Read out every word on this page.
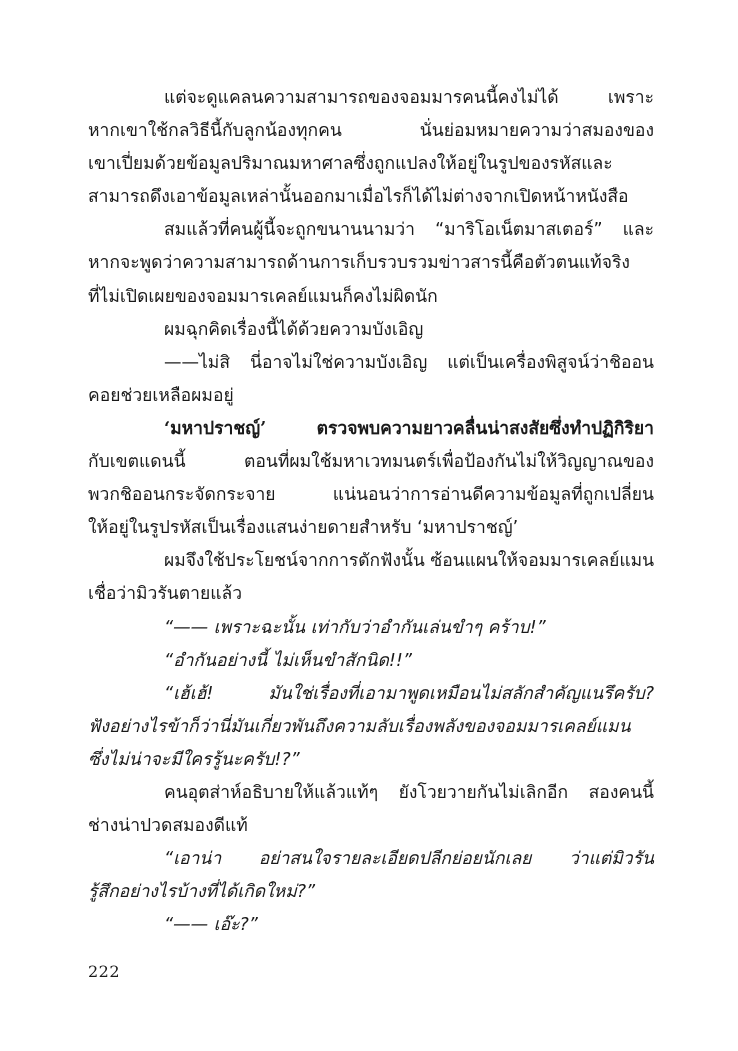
แต่จะดูแคลนความสามารถของจอมมารคนนี้คงไม่ได้ เพราะ
หากเขาใช้กลวิธีนี้กับลูกน้องทุกคน นั่นย่อมหมายความว่าสมองของ
เขาเปี่ยมด้วยข้อมูลปริมาณมหาศาลซึ่งถูกแปลงให้อยู่ในรูปของรหัสและ
สามารถดึงเอาข้อมูลเหล่านั้นออกมาเมื่อไรก็ได้ไม่ต่างจากเปิดหน้าหนังสือ

สมแล้วที่คนผู้นี้จะถูกขนานนามว่า “มาริโอเน็ตมาสเตอร์” และ
หากจะพูดว่าความสามารถด้านการเก็บรวบรวมข่าวสารนี้คือตัวตนแท้จริง
ที่ไม่เปิดเผยของจอมมารเคลย์แมนก็คงไม่ผิดนัก

ผมฉุกคิดเรื่องนี้ได้ด้วยความบังเอิญ

——ไม่สิ นี่อาจไม่ใช่ความบังเอิญ แต่เป็นเครื่องพิสูจน์ว่าชิออน
คอยช่วยเหลือผมอยู่

‘มหาปราชญ์’ ตรวจพบความยาวคลื่นน่าสงสัยซึ่งทำปฏิกิริยา
กับเขตแดนนี้ ตอนที่ผมใช้มหาเวทมนตร์เพื่อป้องกันไม่ให้วิญญาณของ
พวกชิออนกระจัดกระจาย แน่นอนว่าการอ่านดีความข้อมูลที่ถูกเปลี่ยน
ให้อยู่ในรูปรหัสเป็นเรื่องแสนง่ายดายสำหรับ ‘มหาปราชญ์’

ผมจึงใช้ประโยชน์จากการดักฟังนั้น ซ้อนแผนให้จอมมารเคลย์แมน
เชื่อว่ามิวรันตายแล้ว

“—— เพราะฉะนั้น เท่ากับว่าอำกันเล่นขำๆ คร้าบ!”

“อำกันอย่างนี้ ไม่เห็นขำสักนิด!!”

“เฮ้เฮ้! มันใช่เรื่องที่เอามาพูดเหมือนไม่สลักสำคัญแนรึครับ?
ฟังอย่างไรข้าก็ว่านี่มันเกี่ยวพันถึงความลับเรื่องพลังของจอมมารเคลย์แมน
ซึ่งไม่น่าจะมีใครรู้นะครับ!?”

คนอุตส่าห์อธิบายให้แล้วแท้ๆ ยังโวยวายกันไม่เลิกอีก สองคนนี้
ช่างน่าปวดสมองดีแท้

“เอาน่า อย่าสนใจรายละเอียดปลีกย่อยนักเลย ว่าแต่มิวรัน
รู้สึกอย่างไรบ้างที่ได้เกิดใหม่?”

“—— เอ๊ะ?”

222
